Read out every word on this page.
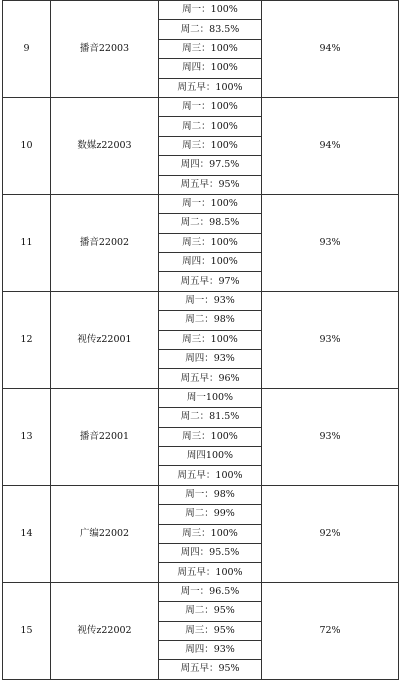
9	播音22003	周一：100%	94%
		周二：83.5%	
		周三：100%	
		周四：100%	
		周五早：100%	
10	数媒z22003	周一：100%	94%
		周二：100%	
		周三：100%	
		周四：97.5%	
		周五早：95%	
11	播音22002	周一：100%	93%
		周二：98.5%	
		周三：100%	
		周四：100%	
		周五早：97%	
12	视传z22001	周一：93%	93%
		周二：98%	
		周三：100%	
		周四：93%	
		周五早：96%	
13	播音22001	周一100%	93%
		周二：81.5%	
		周三：100%	
		周四100%	
		周五早：100%	
14	广编22002	周一：98%	92%
		周二：99%	
		周三：100%	
		周四：95.5%	
		周五早：100%	
15	视传z22002	周一：96.5%	72%
		周二：95%	
		周三：95%	
		周四：93%	
		周五早：95%	
